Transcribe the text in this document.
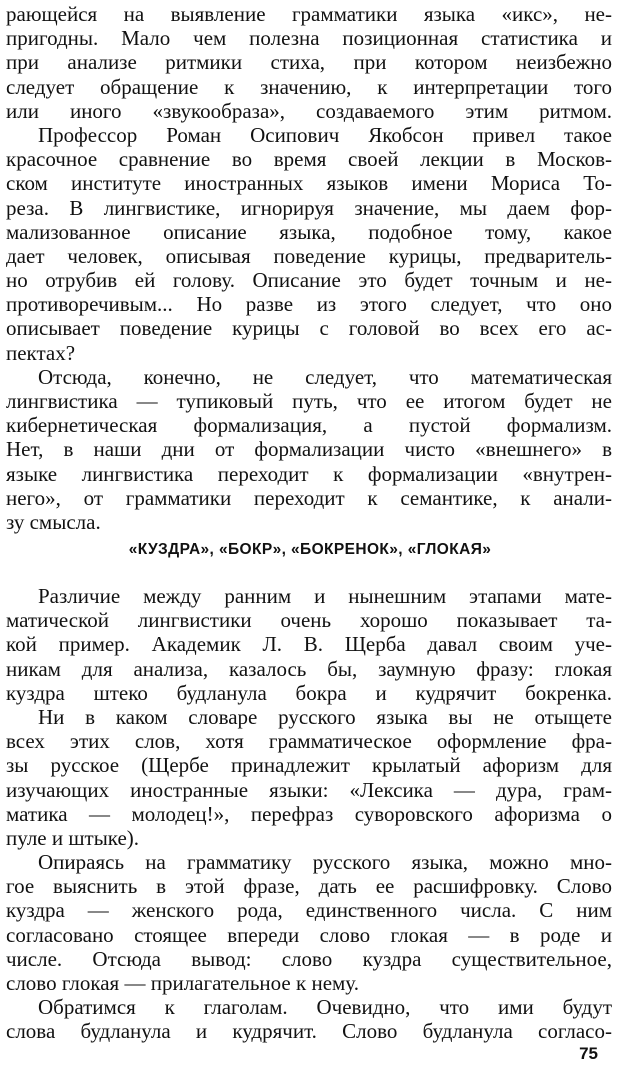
рающейся на выявление грамматики языка «икс», не-
пригодны. Мало чем полезна позиционная статистика и
при анализе ритмики стиха, при котором неизбежно
следует обращение к значению, к интерпретации того
или иного «звукообраза», создаваемого этим ритмом.
Профессор Роман Осипович Якобсон привел такое
красочное сравнение во время своей лекции в Москов-
ском институте иностранных языков имени Мориса То-
реза. В лингвистике, игнорируя значение, мы даем фор-
мализованное описание языка, подобное тому, какое
дает человек, описывая поведение курицы, предваритель-
но отрубив ей голову. Описание это будет точным и не-
противоречивым... Но разве из этого следует, что оно
описывает поведение курицы с головой во всех его ас-
пектах?
Отсюда, конечно, не следует, что математическая
лингвистика — тупиковый путь, что ее итогом будет не
кибернетическая формализация, а пустой формализм.
Нет, в наши дни от формализации чисто «внешнего» в
языке лингвистика переходит к формализации «внутрен-
него», от грамматики переходит к семантике, к анали-
зу смысла.
«КУЗДРА», «БОКР», «БОКРЕНОК», «ГЛОКАЯ»
Различие между ранним и нынешним этапами мате-
матической лингвистики очень хорошо показывает та-
кой пример. Академик Л. В. Щерба давал своим уче-
никам для анализа, казалось бы, заумную фразу: глокая
куздра штеко будланула бокра и кудрячит бокренка.
Ни в каком словаре русского языка вы не отыщете
всех этих слов, хотя грамматическое оформление фра-
зы русское (Щербе принадлежит крылатый афоризм для
изучающих иностранные языки: «Лексика — дура, грам-
матика — молодец!», перефраз суворовского афоризма о
пуле и штыке).
Опираясь на грамматику русского языка, можно мно-
гое выяснить в этой фразе, дать ее расшифровку. Слово
куздра — женского рода, единственного числа. С ним
согласовано стоящее впереди слово глокая — в роде и
числе. Отсюда вывод: слово куздра существительное,
слово глокая — прилагательное к нему.
Обратимся к глаголам. Очевидно, что ими будут
слова будланула и кудрячит. Слово будланула согласо-
75
